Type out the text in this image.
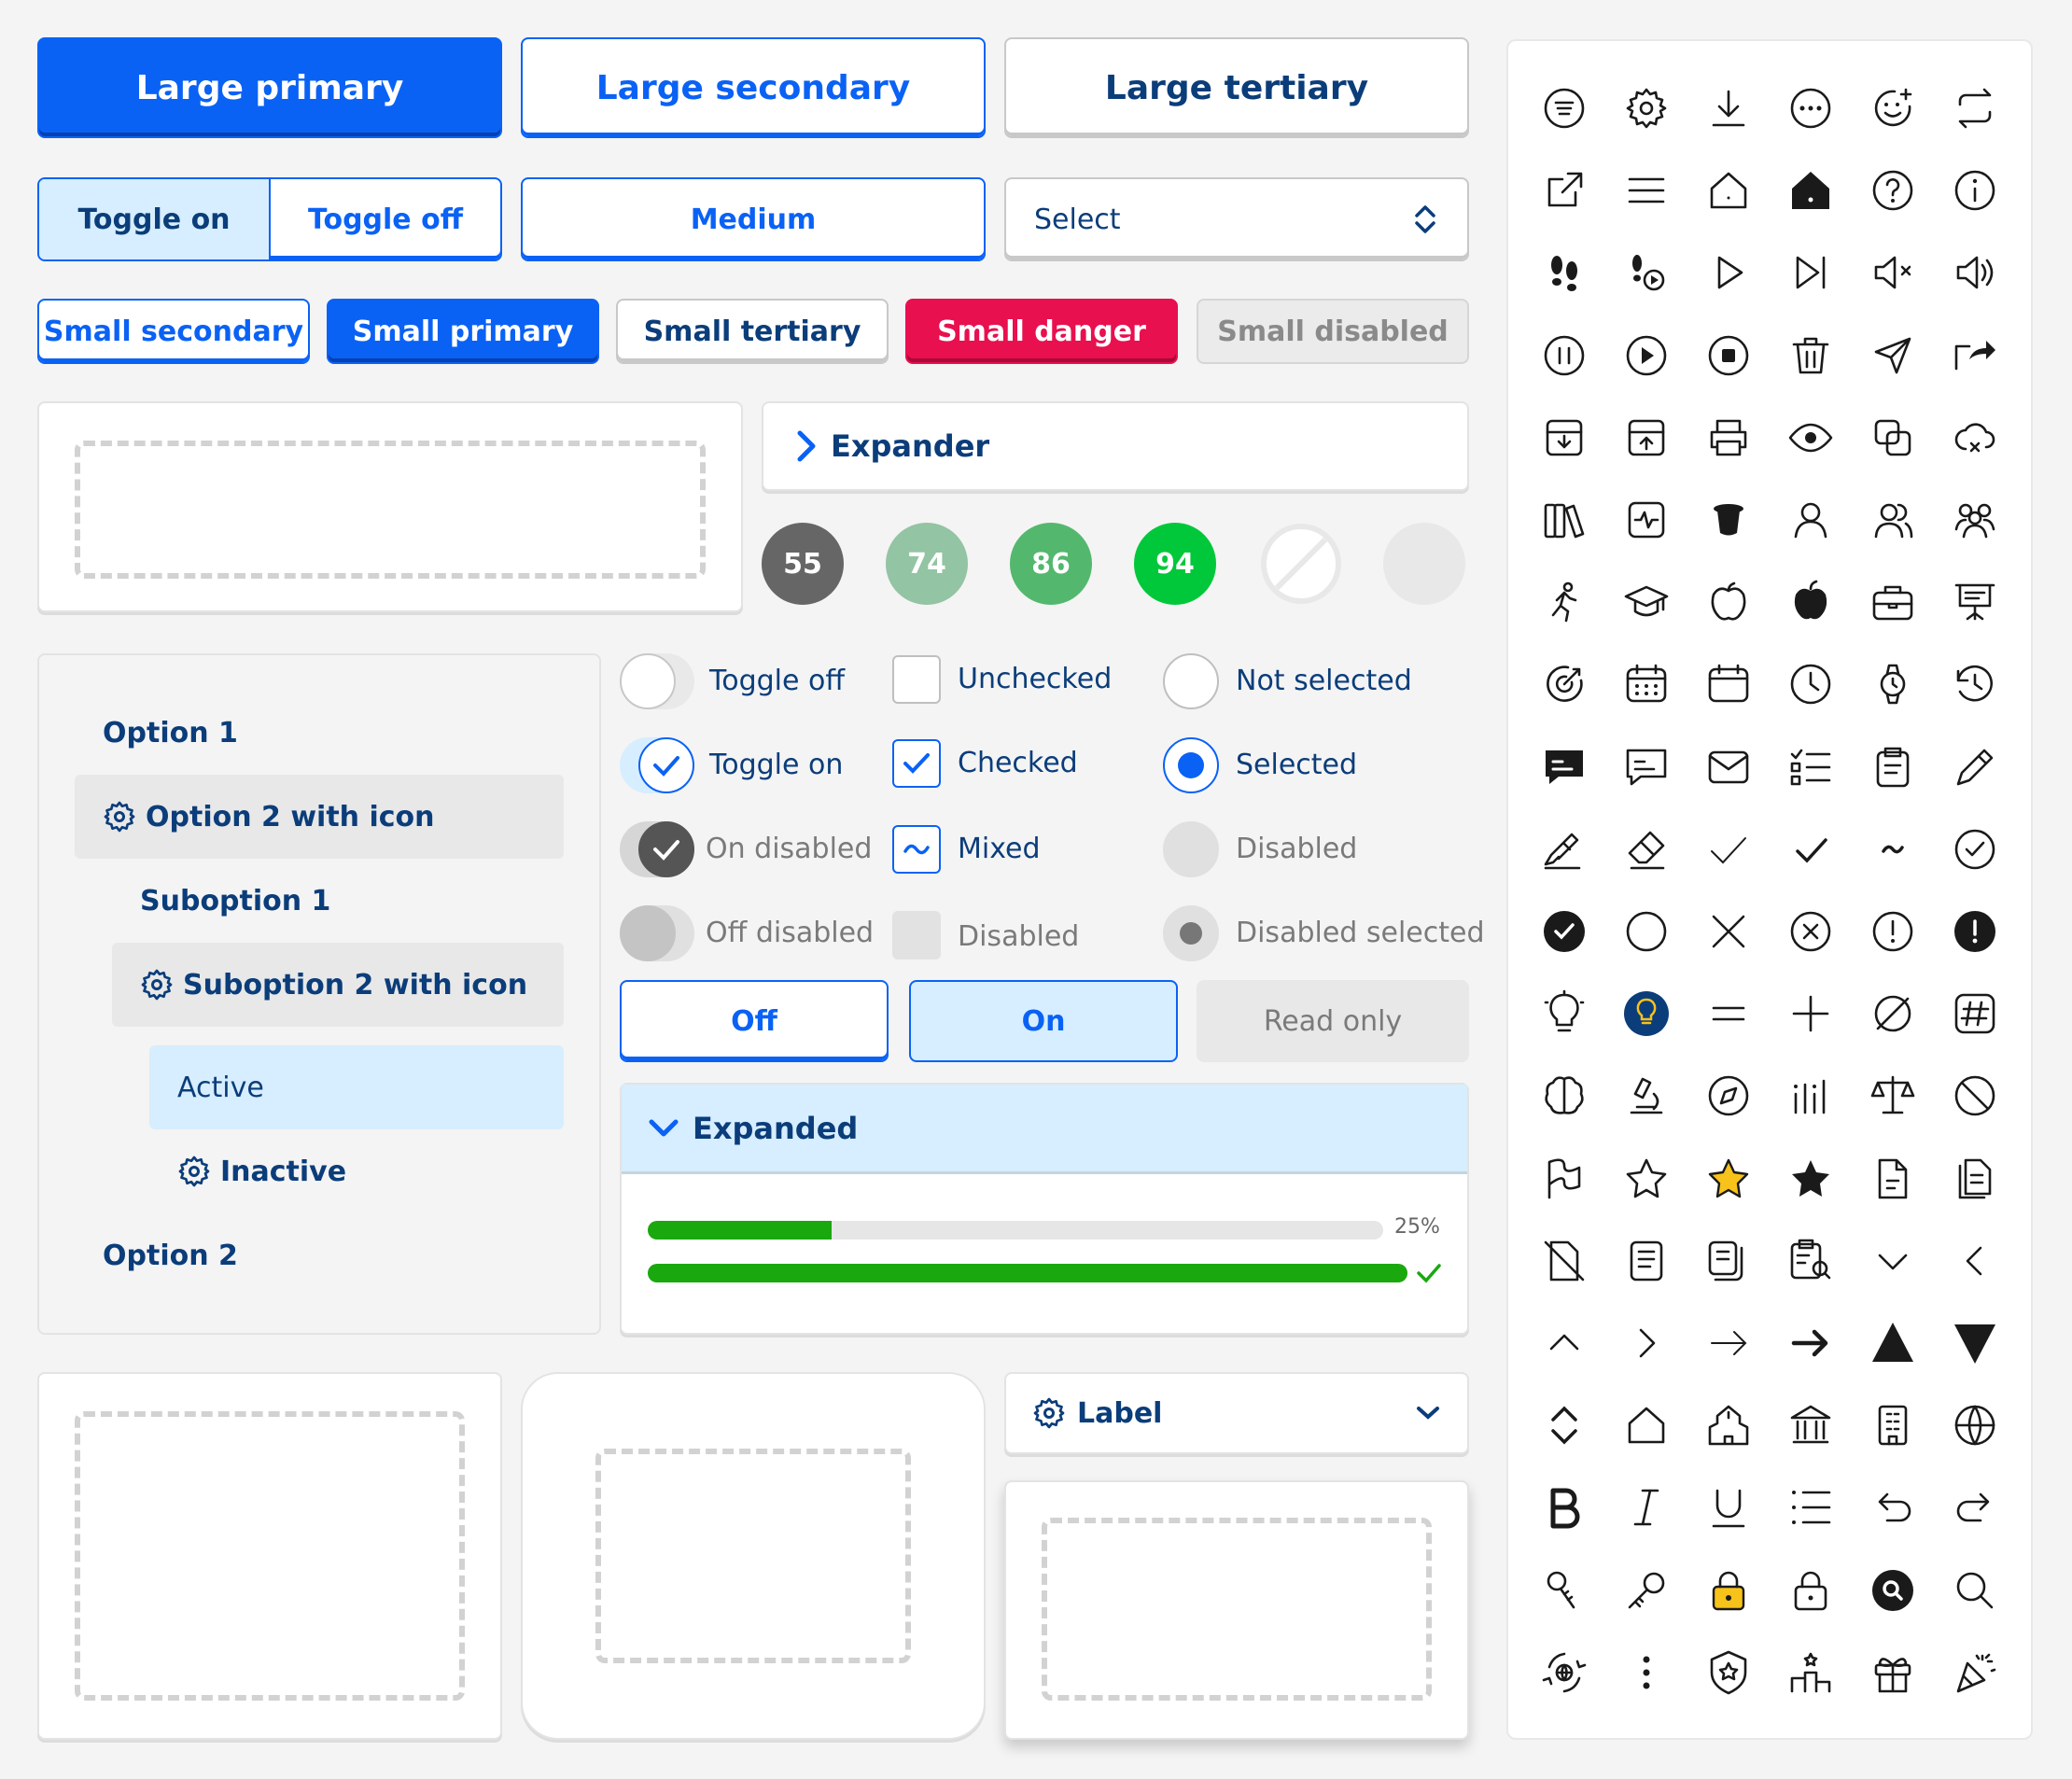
Large primary	Large secondary	Large tertiary
Toggle on	Toggle off	Medium	Select
Small secondary	Small primary	Small tertiary	Small danger	Small disabled
Expander
55	74	86	94
Option 1
Option 2 with icon
Suboption 1
Suboption 2 with icon
Active
Inactive
Option 2
Toggle off
Toggle on
On disabled
Off disabled
Unchecked
Checked
Mixed
Disabled
Not selected
Selected
Disabled
Disabled selected
Off	On	Read only
Expanded
25%
Label
